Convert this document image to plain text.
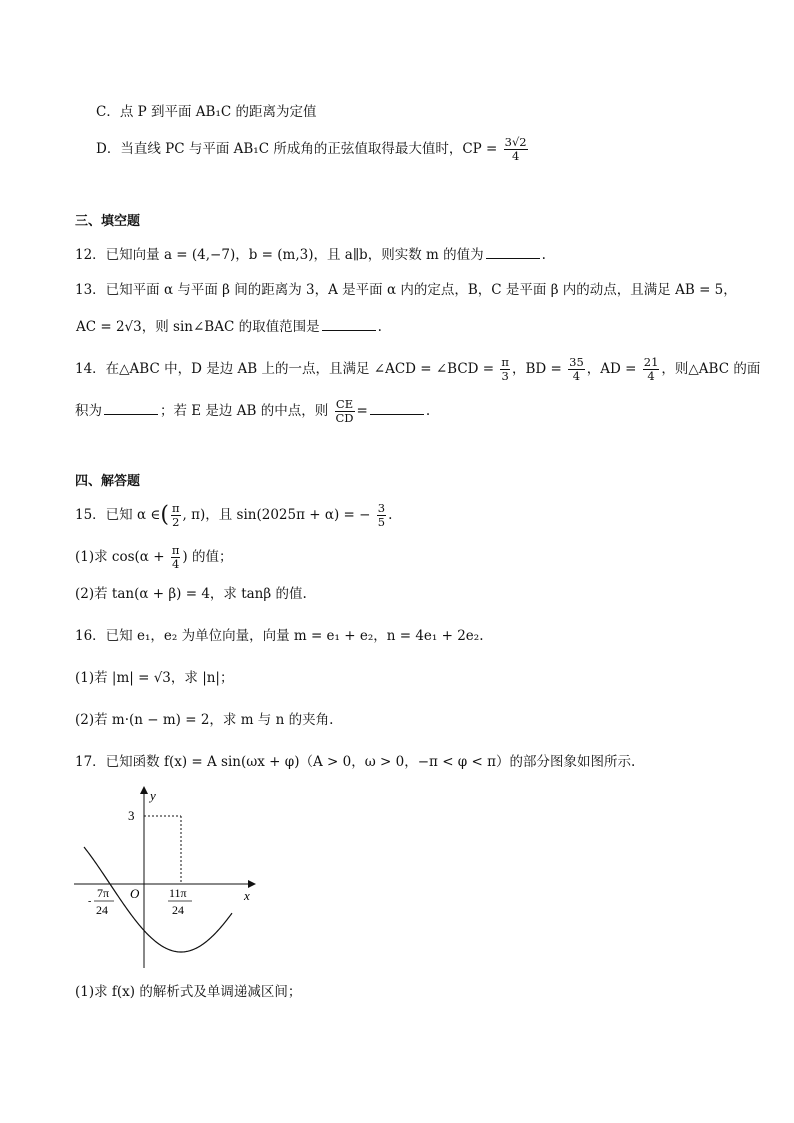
C．点 P 到平面 AB₁C 的距离为定值
D．当直线 PC 与平面 AB₁C 所成角的正弦值取得最大值时，CP = $\frac{3√2}{4}$
三、填空题
12．已知向量 a = (4,−7)，b = (m,3)，且 a∥b，则实数 m 的值为	.
13．已知平面 α 与平面 β 间的距离为 3，A 是平面 α 内的定点，B，C 是平面 β 内的动点，且满足 AB = 5，
AC = 2√3，则 sin∠BAC 的取值范围是	.
14．在△ABC 中，D 是边 AB 上的一点，且满足 ∠ACD = ∠BCD = $\frac{\pi}{3}$ ，BD = $\frac{35}{4}$ ，AD = $\frac{21}{4}$ ，则△ABC 的面
积为	；若 E 是边 AB 的中点，则 $\frac{CE}{CD}$ =	.
四、解答题
15．已知 α ∈( $\frac{\pi}{2}$ , π)，且 sin(2025π + α) = − $\frac{3}{5}$ .
(1)求 $\cos(\alpha + \frac{\pi}{4}$ ) 的值；
(2)若 tan(α + β) = 4，求 tanβ 的值.
16．已知 e₁，e₂ 为单位向量，向量 m = e₁ + e₂，n = 4e₁ + 2e₂.
(1)若 |m| = √3，求 |n|；
(2)若 m·(n − m) = 2，求 m 与 n 的夹角.
17．已知函数 f(x) = A sin(ωx + φ)（A > 0，ω > 0，−π < φ < π）的部分图象如图所示.
y
x
O
3
-
7π
24
11π
24
(1)求 f(x) 的解析式及单调递减区间；
